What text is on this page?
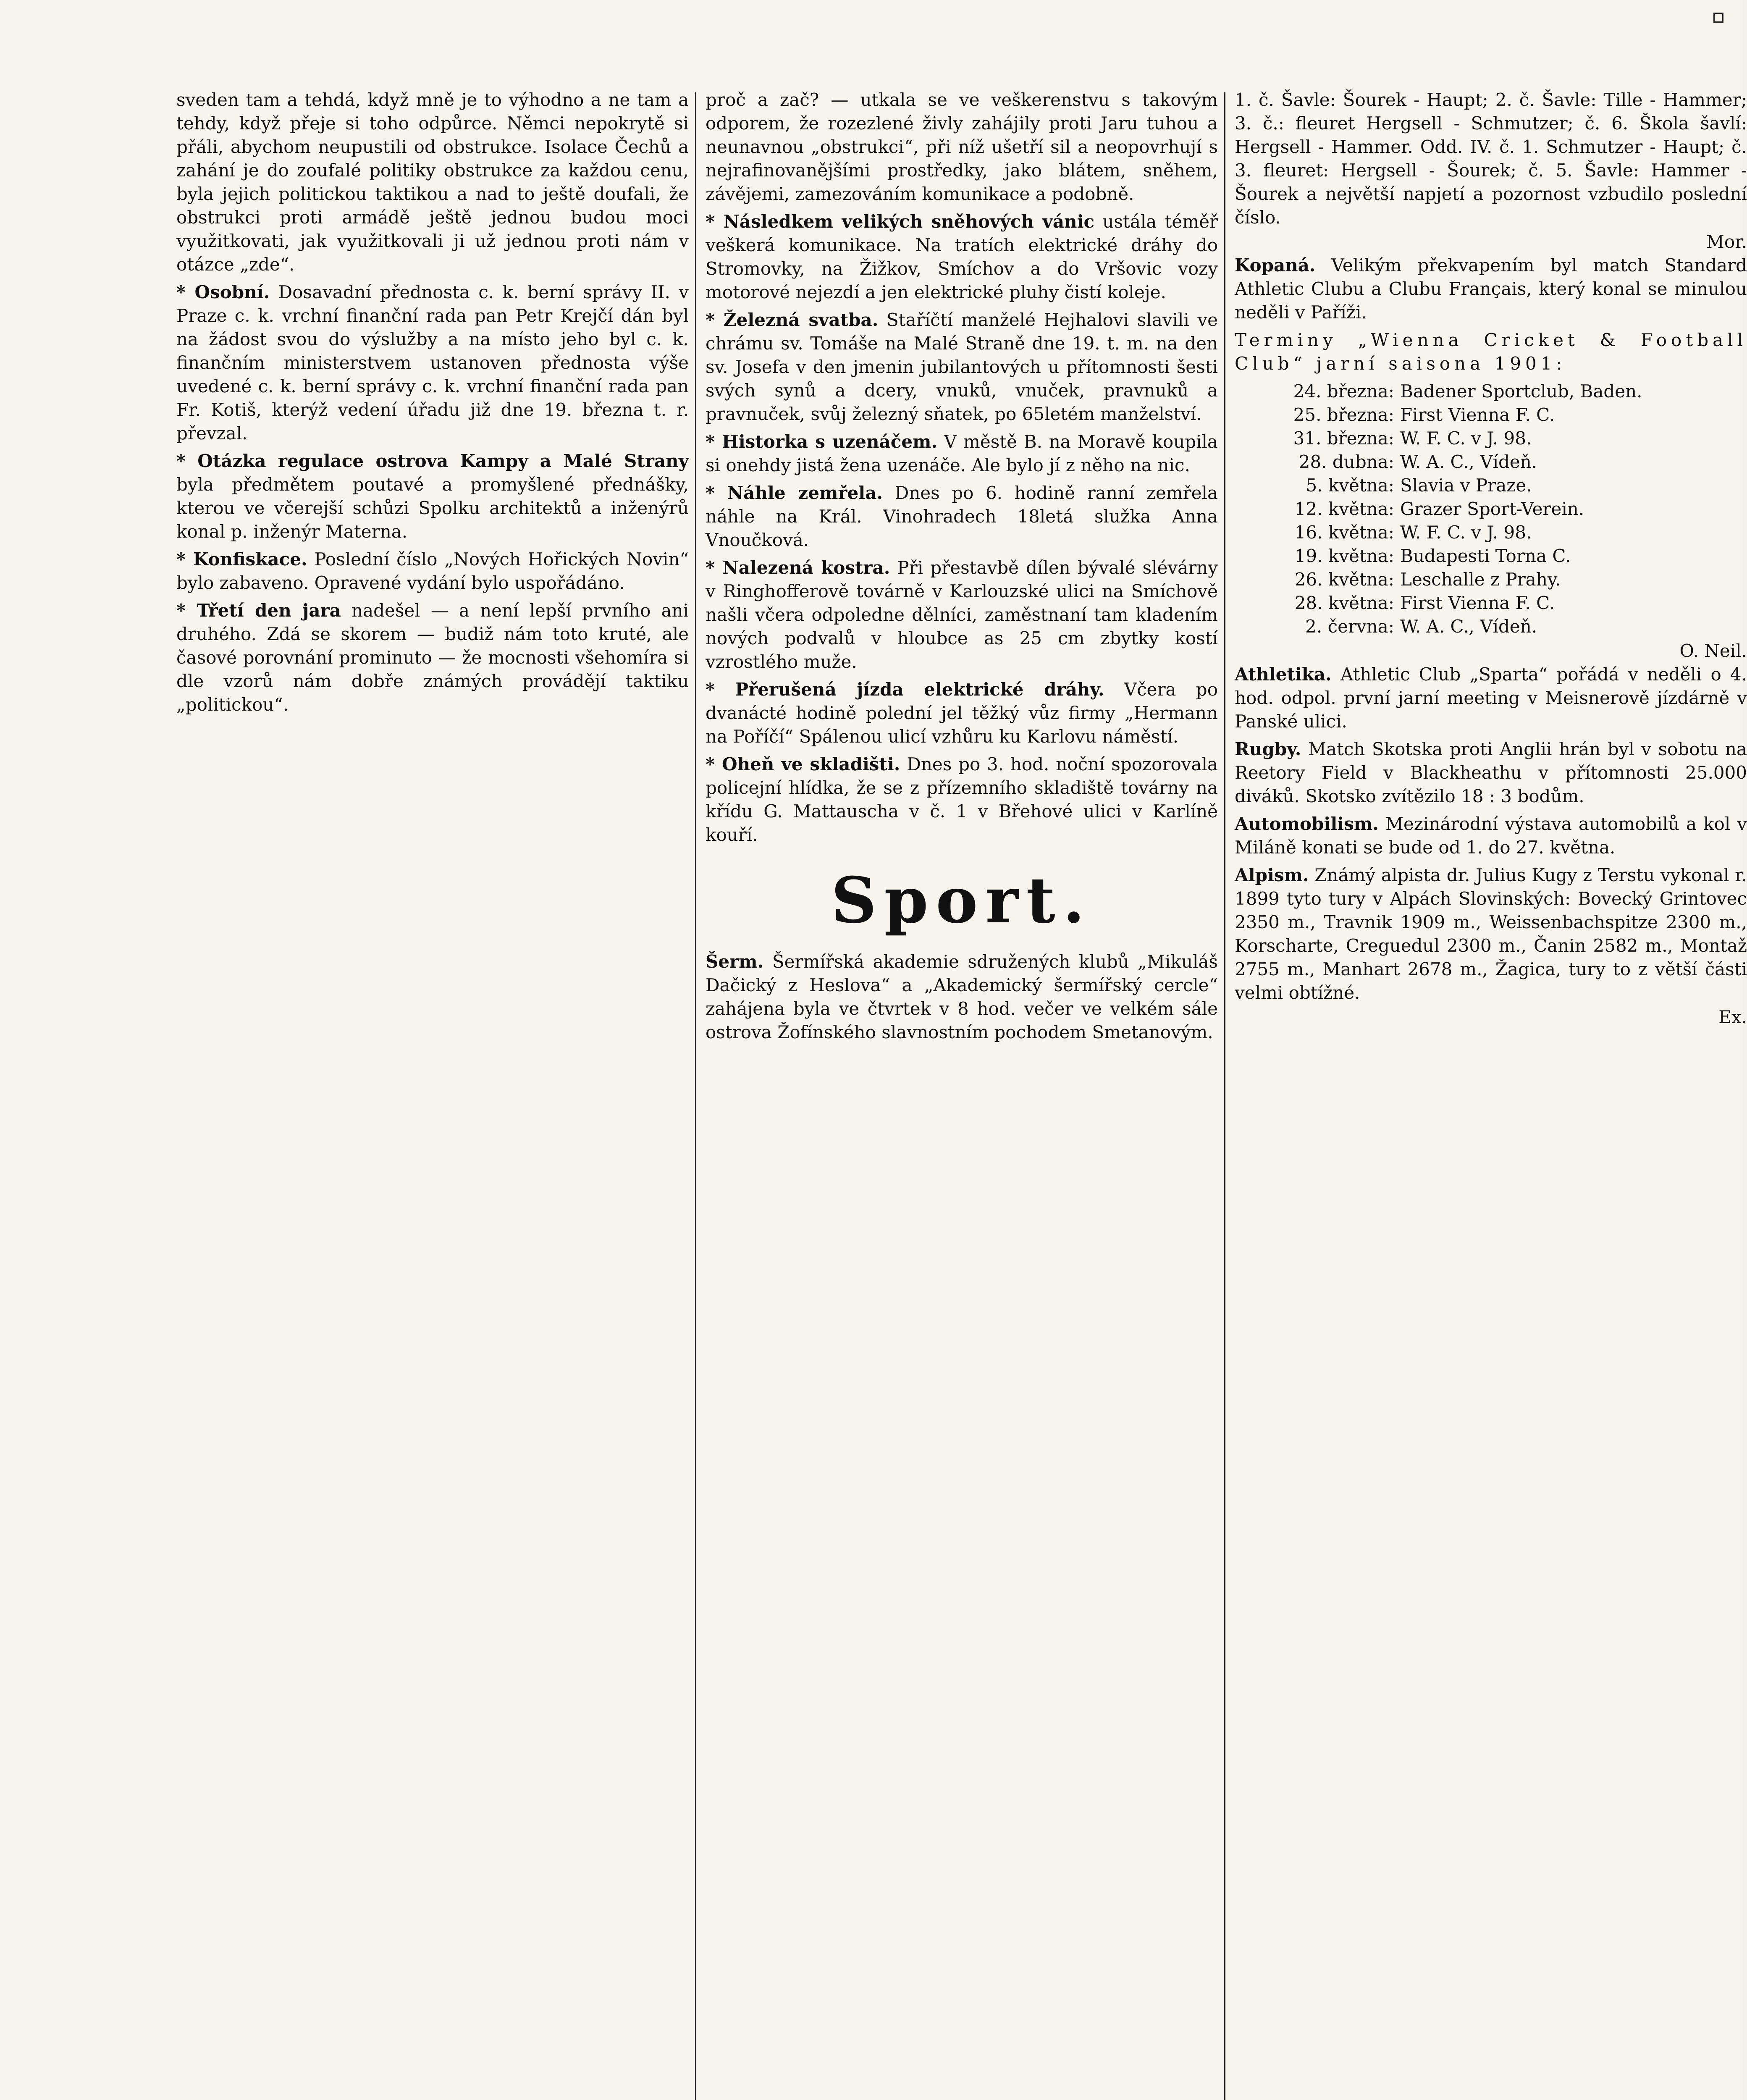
sveden tam a tehdá, když mně je to výhodno a ne tam a tehdy, když přeje si toho odpůrce. Němci nepokrytě si přáli, abychom neupustili od obstrukce. Isolace Čechů a zahání je do zoufalé politiky obstrukce za každou cenu, byla jejich politickou taktikou a nad to ještě doufali, že obstrukci proti armádě ještě jednou budou moci využitkovati, jak využitkovali ji už jednou proti nám v otázce „zde“.

* Osobní. Dosavadní přednosta c. k. berní správy II. v Praze c. k. vrchní finanční rada pan Petr Krejčí dán byl na žádost svou do výslužby a na místo jeho byl c. k. finančním ministerstvem ustanoven přednosta výše uvedené c. k. berní správy c. k. vrchní finanční rada pan Fr. Kotiš, kterýž vedení úřadu již dne 19. března t. r. převzal.

* Otázka regulace ostrova Kampy a Malé Strany byla předmětem poutavé a promyšlené přednášky, kterou ve včerejší schůzi Spolku architektů a inženýrů konal p. inženýr Materna.

* Konfiskace. Poslední číslo „Nových Hořických Novin“ bylo zabaveno. Opravené vydání bylo uspořádáno.

* Třetí den jara nadešel — a není lepší prvního ani druhého. Zdá se skorem — budiž nám toto kruté, ale časové porovnání prominuto — že mocnosti všehomíra si dle vzorů nám dobře známých provádějí taktiku „politickou“.

proč a zač? — utkala se ve veškerenstvu s takovým odporem, že rozezlené živly zahájily proti Jaru tuhou a neunavnou „obstrukci“, při níž ušetří sil a neopovrhují s nejrafinovanějšími prostředky, jako blátem, sněhem, závějemi, zamezováním komunikace a podobně.

* Následkem velikých sněhových vánic ustála téměř veškerá komunikace. Na tratích elektrické dráhy do Stromovky, na Žižkov, Smíchov a do Vršovic vozy motorové nejezdí a jen elektrické pluhy čistí koleje.

* Železná svatba. Staříčtí manželé Hejhalovi slavili ve chrámu sv. Tomáše na Malé Straně dne 19. t. m. na den sv. Josefa v den jmenin jubilantových u přítomnosti šesti svých synů a dcery, vnuků, vnuček, pravnuků a pravnuček, svůj železný sňatek, po 65letém manželství.

* Historka s uzenáčem. V městě B. na Moravě koupila si onehdy jistá žena uzenáče. Ale bylo jí z něho na nic.

* Náhle zemřela. Dnes po 6. hodině ranní zemřela náhle na Král. Vinohradech 18letá služka Anna Vnoučková.

* Nalezená kostra. Při přestavbě dílen bývalé slévárny v Ringhofferově továrně v Karlouzské ulici na Smíchově našli včera odpoledne dělníci, zaměstnaní tam kladením nových podvalů v hloubce as 25 cm zbytky kostí vzrostlého muže.

* Přerušená jízda elektrické dráhy. Včera po dvanácté hodině polední jel těžký vůz firmy „Hermann na Poříčí“ Spálenou ulicí vzhůru ku Karlovu náměstí.

* Oheň ve skladišti. Dnes po 3. hod. noční spozorovala policejní hlídka, že se z přízemního skladiště továrny na křídu G. Mattauscha v č. 1 v Břehové ulici v Karlíně kouří.

Sport.

Šerm. Šermířská akademie sdružených klubů „Mikuláš Dačický z Heslova“ a „Akademický šermířský cercle“ zahájena byla ve čtvrtek v 8 hod. večer ve velkém sále ostrova Žofínského slavnostním pochodem Smetanovým.

1. č. Šavle: Šourek - Haupt; 2. č. Šavle: Tille - Hammer; 3. č.: fleuret Hergsell - Schmutzer; č. 6. Škola šavlí: Hergsell - Hammer. Odd. IV. č. 1. Schmutzer - Haupt; č. 3. fleuret: Hergsell - Šourek; č. 5. Šavle: Hammer - Šourek a největší napjetí a pozornost vzbudilo poslední číslo.

Mor.

Kopaná. Velikým překvapením byl match Standard Athletic Clubu a Clubu Français, který konal se minulou neděli v Paříži.

Terminy „Wienna Cricket & Football Club“ jarní saisona 1901:

24. března: Badener Sportclub, Baden.
25. března: First Vienna F. C.
31. března: W. F. C. v J. 98.
28. dubna: W. A. C., Vídeň.
5. května: Slavia v Praze.
12. května: Grazer Sport-Verein.
16. května: W. F. C. v J. 98.
19. května: Budapesti Torna C.
26. května: Leschalle z Prahy.
28. května: First Vienna F. C.
2. června: W. A. C., Vídeň.
O. Neil.

Athletika. Athletic Club „Sparta“ pořádá v neděli o 4. hod. odpol. první jarní meeting v Meisnerově jízdárně v Panské ulici.

Rugby. Match Skotska proti Anglii hrán byl v sobotu na Reetory Field v Blackheathu v přítomnosti 25.000 diváků. Skotsko zvítězilo 18 : 3 bodům.

Automobilism. Mezinárodní výstava automobilů a kol v Miláně konati se bude od 1. do 27. května.

Alpism. Známý alpista dr. Julius Kugy z Terstu vykonal r. 1899 tyto tury v Alpách Slovinských: Bovecký Grintovec 2350 m., Travnik 1909 m., Weissenbachspitze 2300 m., Korscharte, Creguedul 2300 m., Čanin 2582 m., Montaž 2755 m., Manhart 2678 m., Žagica, tury to z větší části velmi obtížné.

Ex.
